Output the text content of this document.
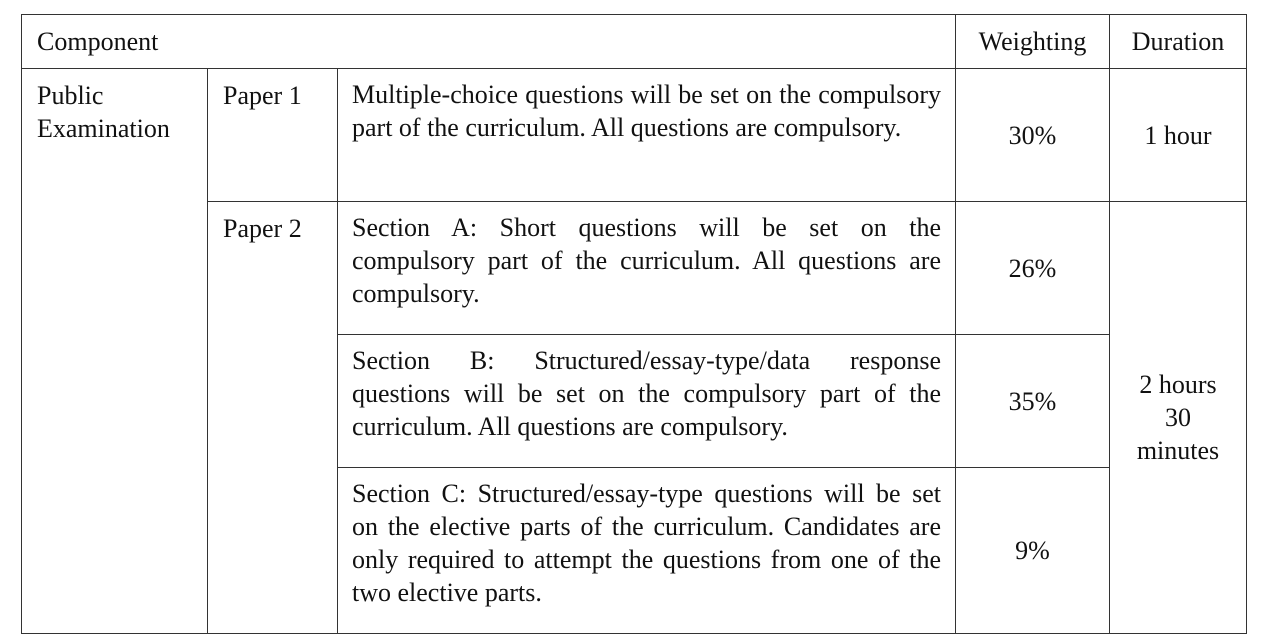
Component			Weighting	Duration
Public Examination	Paper 1	Multiple-choice questions will be set on the compulsory part of the curriculum. All questions are compulsory.	30%	1 hour
	Paper 2	Section A: Short questions will be set on the compulsory part of the curriculum. All questions are compulsory.	26%	2 hours 30 minutes

		Section B: Structured/essay-type/data response questions will be set on the compulsory part of the curriculum. All questions are compulsory.	35%	
		Section C: Structured/essay-type questions will be set on the elective parts of the curriculum. Candidates are only required to attempt the questions from one of the two elective parts.	9%	
